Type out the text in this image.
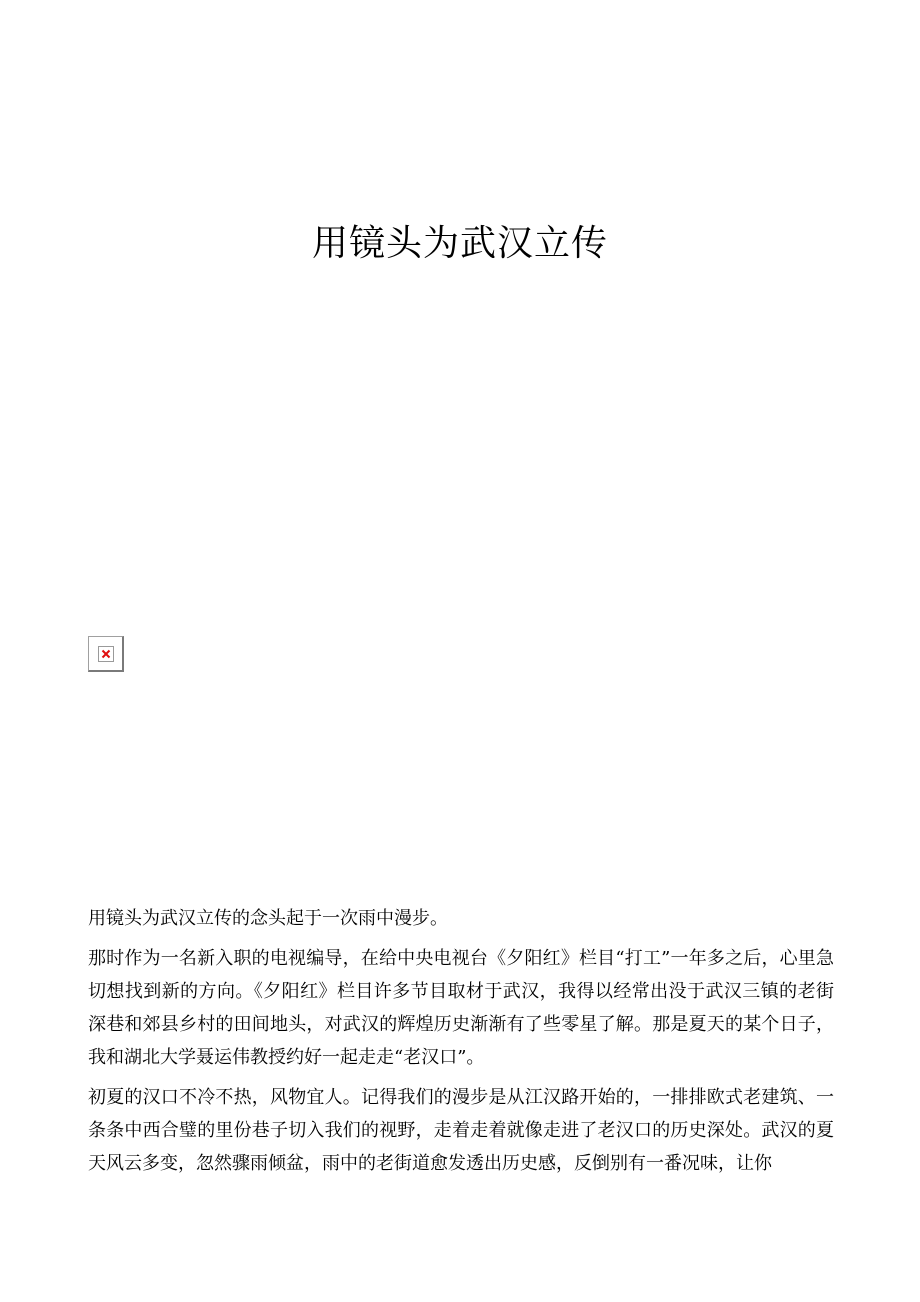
用镜头为武汉立传

用镜头为武汉立传的念头起于一次雨中漫步。

那时作为一名新入职的电视编导，在给中央电视台《夕阳红》栏目“打工”一年多之后，心里急切想找到新的方向。《夕阳红》栏目许多节目取材于武汉，我得以经常出没于武汉三镇的老街深巷和郊县乡村的田间地头，对武汉的辉煌历史渐渐有了些零星了解。那是夏天的某个日子，我和湖北大学聂运伟教授约好一起走走“老汉口”。

初夏的汉口不冷不热，风物宜人。记得我们的漫步是从江汉路开始的，一排排欧式老建筑、一条条中西合璧的里份巷子切入我们的视野，走着走着就像走进了老汉口的历史深处。武汉的夏天风云多变，忽然骤雨倾盆，雨中的老街道愈发透出历史感，反倒别有一番况味，让你
